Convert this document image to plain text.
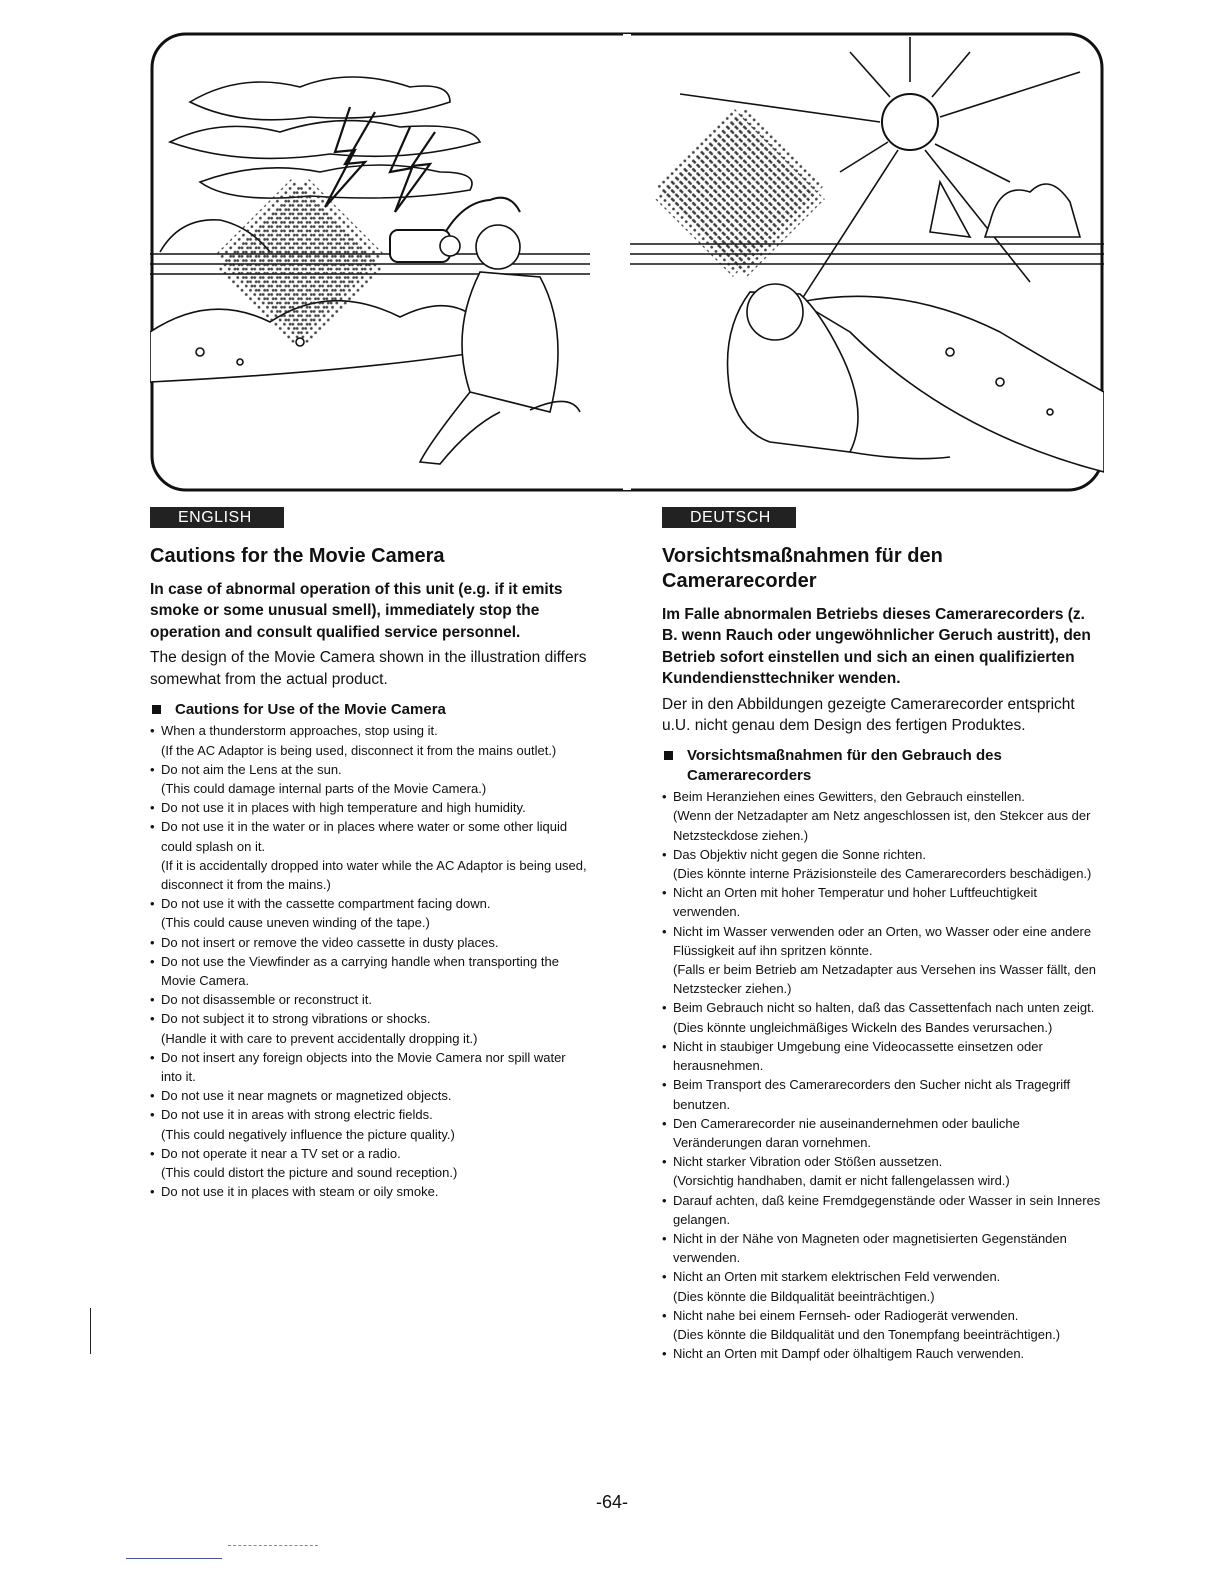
ENGLISH
Cautions for the Movie Camera

In case of abnormal operation of this unit (e.g. if it emits smoke or some unusual smell), immediately stop the operation and consult qualified service personnel.

The design of the Movie Camera shown in the illustration differs somewhat from the actual product.

Cautions for Use of the Movie Camera
• When a thunderstorm approaches, stop using it.
(If the AC Adaptor is being used, disconnect it from the mains outlet.)
• Do not aim the Lens at the sun.
(This could damage internal parts of the Movie Camera.)
• Do not use it in places with high temperature and high humidity.
• Do not use it in the water or in places where water or some other liquid could splash on it.
(If it is accidentally dropped into water while the AC Adaptor is being used, disconnect it from the mains.)
• Do not use it with the cassette compartment facing down.
(This could cause uneven winding of the tape.)
• Do not insert or remove the video cassette in dusty places.
• Do not use the Viewfinder as a carrying handle when transporting the Movie Camera.
• Do not disassemble or reconstruct it.
• Do not subject it to strong vibrations or shocks.
(Handle it with care to prevent accidentally dropping it.)
• Do not insert any foreign objects into the Movie Camera nor spill water into it.
• Do not use it near magnets or magnetized objects.
• Do not use it in areas with strong electric fields.
(This could negatively influence the picture quality.)
• Do not operate it near a TV set or a radio.
(This could distort the picture and sound reception.)
• Do not use it in places with steam or oily smoke.
DEUTSCH
Vorsichtsmaßnahmen für den Camerarecorder

Im Falle abnormalen Betriebs dieses Camerarecorders (z. B. wenn Rauch oder ungewöhnlicher Geruch austritt), den Betrieb sofort einstellen und sich an einen qualifizierten Kundendiensttechniker wenden.

Der in den Abbildungen gezeigte Camerarecorder entspricht u.U. nicht genau dem Design des fertigen Produktes.

Vorsichtsmaßnahmen für den Gebrauch des Camerarecorders
• Beim Heranziehen eines Gewitters, den Gebrauch einstellen.
(Wenn der Netzadapter am Netz angeschlossen ist, den Stekcer aus der Netzsteckdose ziehen.)
• Das Objektiv nicht gegen die Sonne richten.
(Dies könnte interne Präzisionsteile des Camerarecorders beschädigen.)
• Nicht an Orten mit hoher Temperatur und hoher Luftfeuchtigkeit verwenden.
• Nicht im Wasser verwenden oder an Orten, wo Wasser oder eine andere Flüssigkeit auf ihn spritzen könnte.
(Falls er beim Betrieb am Netzadapter aus Versehen ins Wasser fällt, den Netzstecker ziehen.)
• Beim Gebrauch nicht so halten, daß das Cassettenfach nach unten zeigt.
(Dies könnte ungleichmäßiges Wickeln des Bandes verursachen.)
• Nicht in staubiger Umgebung eine Videocassette einsetzen oder herausnehmen.
• Beim Transport des Camerarecorders den Sucher nicht als Tragegriff benutzen.
• Den Camerarecorder nie auseinandernehmen oder bauliche Veränderungen daran vornehmen.
• Nicht starker Vibration oder Stößen aussetzen.
(Vorsichtig handhaben, damit er nicht fallengelassen wird.)
• Darauf achten, daß keine Fremdgegenstände oder Wasser in sein Inneres gelangen.
• Nicht in der Nähe von Magneten oder magnetisierten Gegenständen verwenden.
• Nicht an Orten mit starkem elektrischen Feld verwenden.
(Dies könnte die Bildqualität beeinträchtigen.)
• Nicht nahe bei einem Fernseh- oder Radiogerät verwenden.
(Dies könnte die Bildqualität und den Tonempfang beeinträchtigen.)
• Nicht an Orten mit Dampf oder ölhaltigem Rauch verwenden.
-64-
